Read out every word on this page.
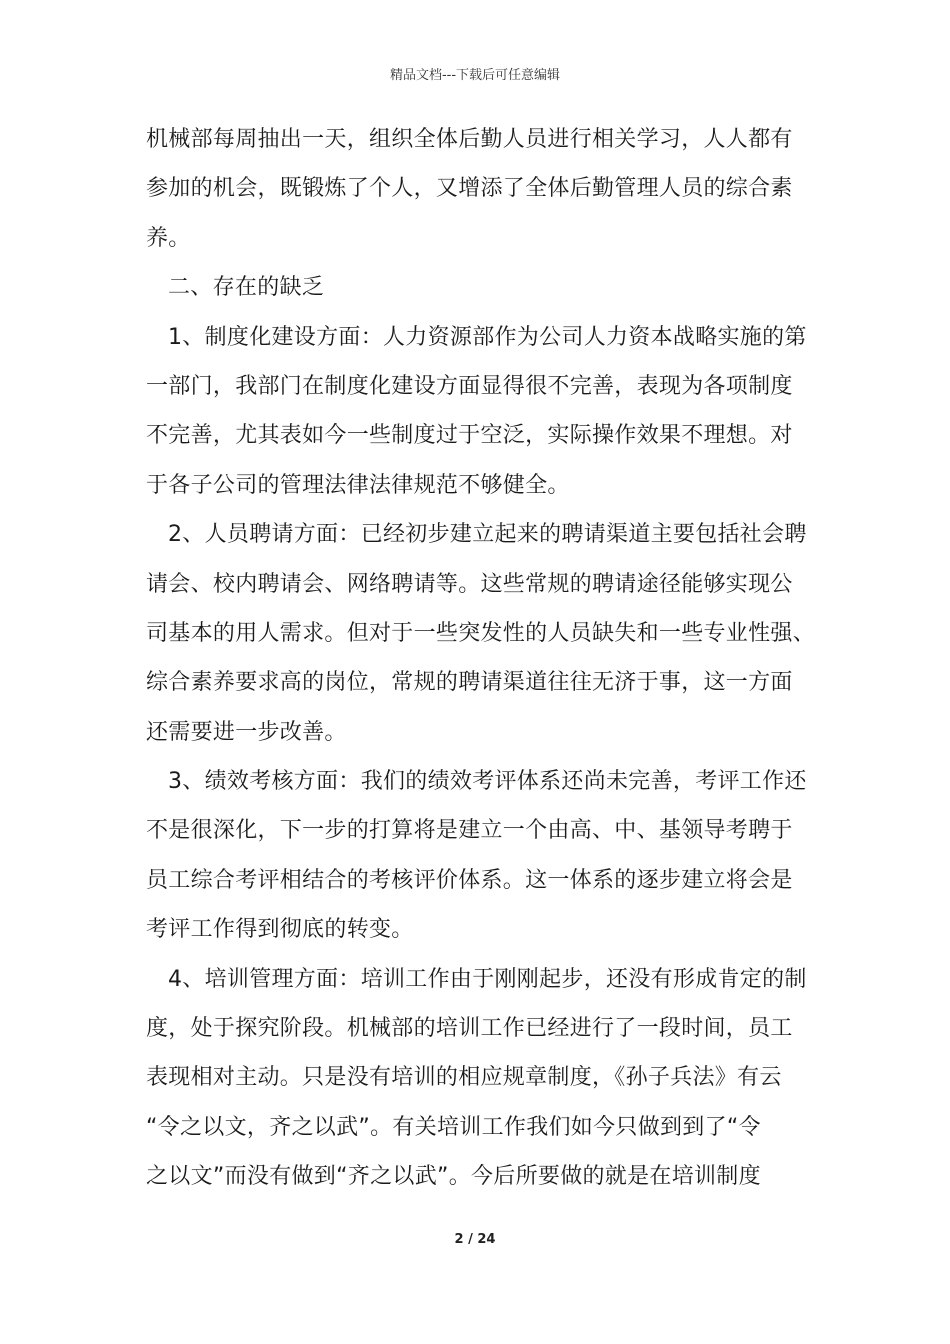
精品文档---下载后可任意编辑
机械部每周抽出一天，组织全体后勤人员进行相关学习，人人都有
参加的机会，既锻炼了个人，又增添了全体后勤管理人员的综合素
养。
二、存在的缺乏
1、制度化建设方面：人力资源部作为公司人力资本战略实施的第
一部门，我部门在制度化建设方面显得很不完善，表现为各项制度
不完善，尤其表如今一些制度过于空泛，实际操作效果不理想。对
于各子公司的管理法律法律规范不够健全。
2、人员聘请方面：已经初步建立起来的聘请渠道主要包括社会聘
请会、校内聘请会、网络聘请等。这些常规的聘请途径能够实现公
司基本的用人需求。但对于一些突发性的人员缺失和一些专业性强、
综合素养要求高的岗位，常规的聘请渠道往往无济于事，这一方面
还需要进一步改善。
3、绩效考核方面：我们的绩效考评体系还尚未完善，考评工作还
不是很深化，下一步的打算将是建立一个由高、中、基领导考聘于
员工综合考评相结合的考核评价体系。这一体系的逐步建立将会是
考评工作得到彻底的转变。
4、培训管理方面：培训工作由于刚刚起步，还没有形成肯定的制
度，处于探究阶段。机械部的培训工作已经进行了一段时间，员工
表现相对主动。只是没有培训的相应规章制度，《孙子兵法》有云
“令之以文，齐之以武”。有关培训工作我们如今只做到到了“令
之以文”而没有做到“齐之以武”。今后所要做的就是在培训制度
2 / 24
